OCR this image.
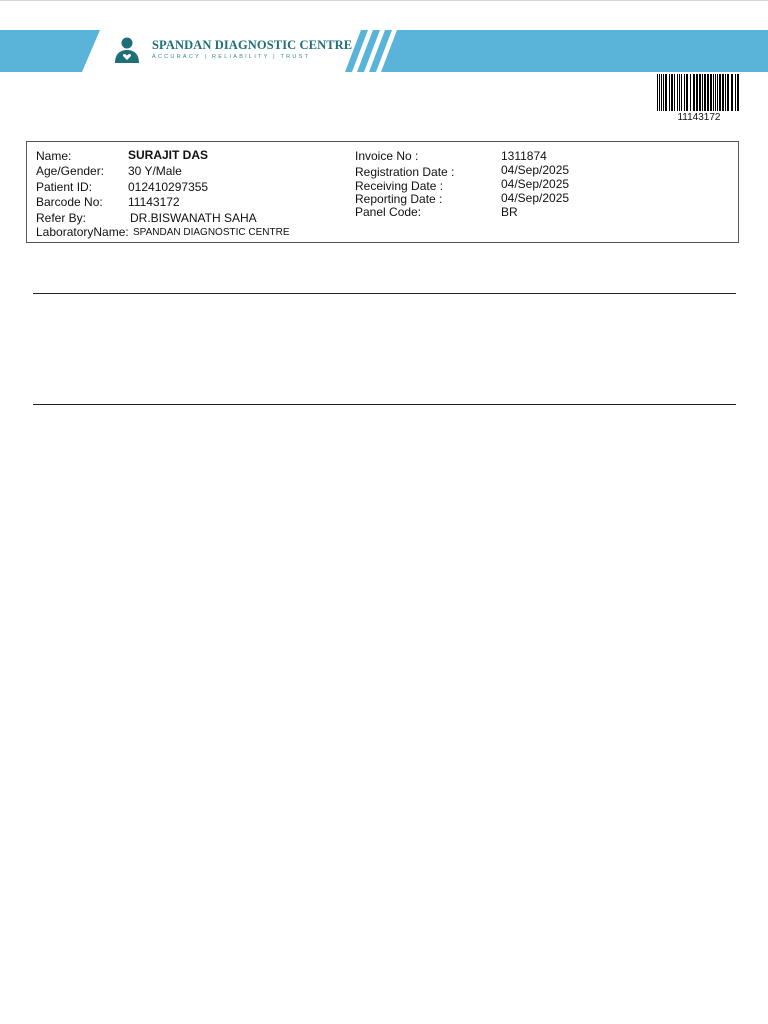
SPANDAN DIAGNOSTIC CENTRE
ACCURACY | RELIABILITY | TRUST
11143172
Name:	SURAJIT DAS
Age/Gender: 30 Y/Male
Patient ID:	012410297355
Barcode No: 11143172
Refer By:	DR.BISWANATH SAHA
LaboratoryName: SPANDAN DIAGNOSTIC CENTRE
Invoice No :	1311874
Registration Date :	04/Sep/2025
Receiving Date :	04/Sep/2025
Reporting Date :	04/Sep/2025
Panel Code:	BR
